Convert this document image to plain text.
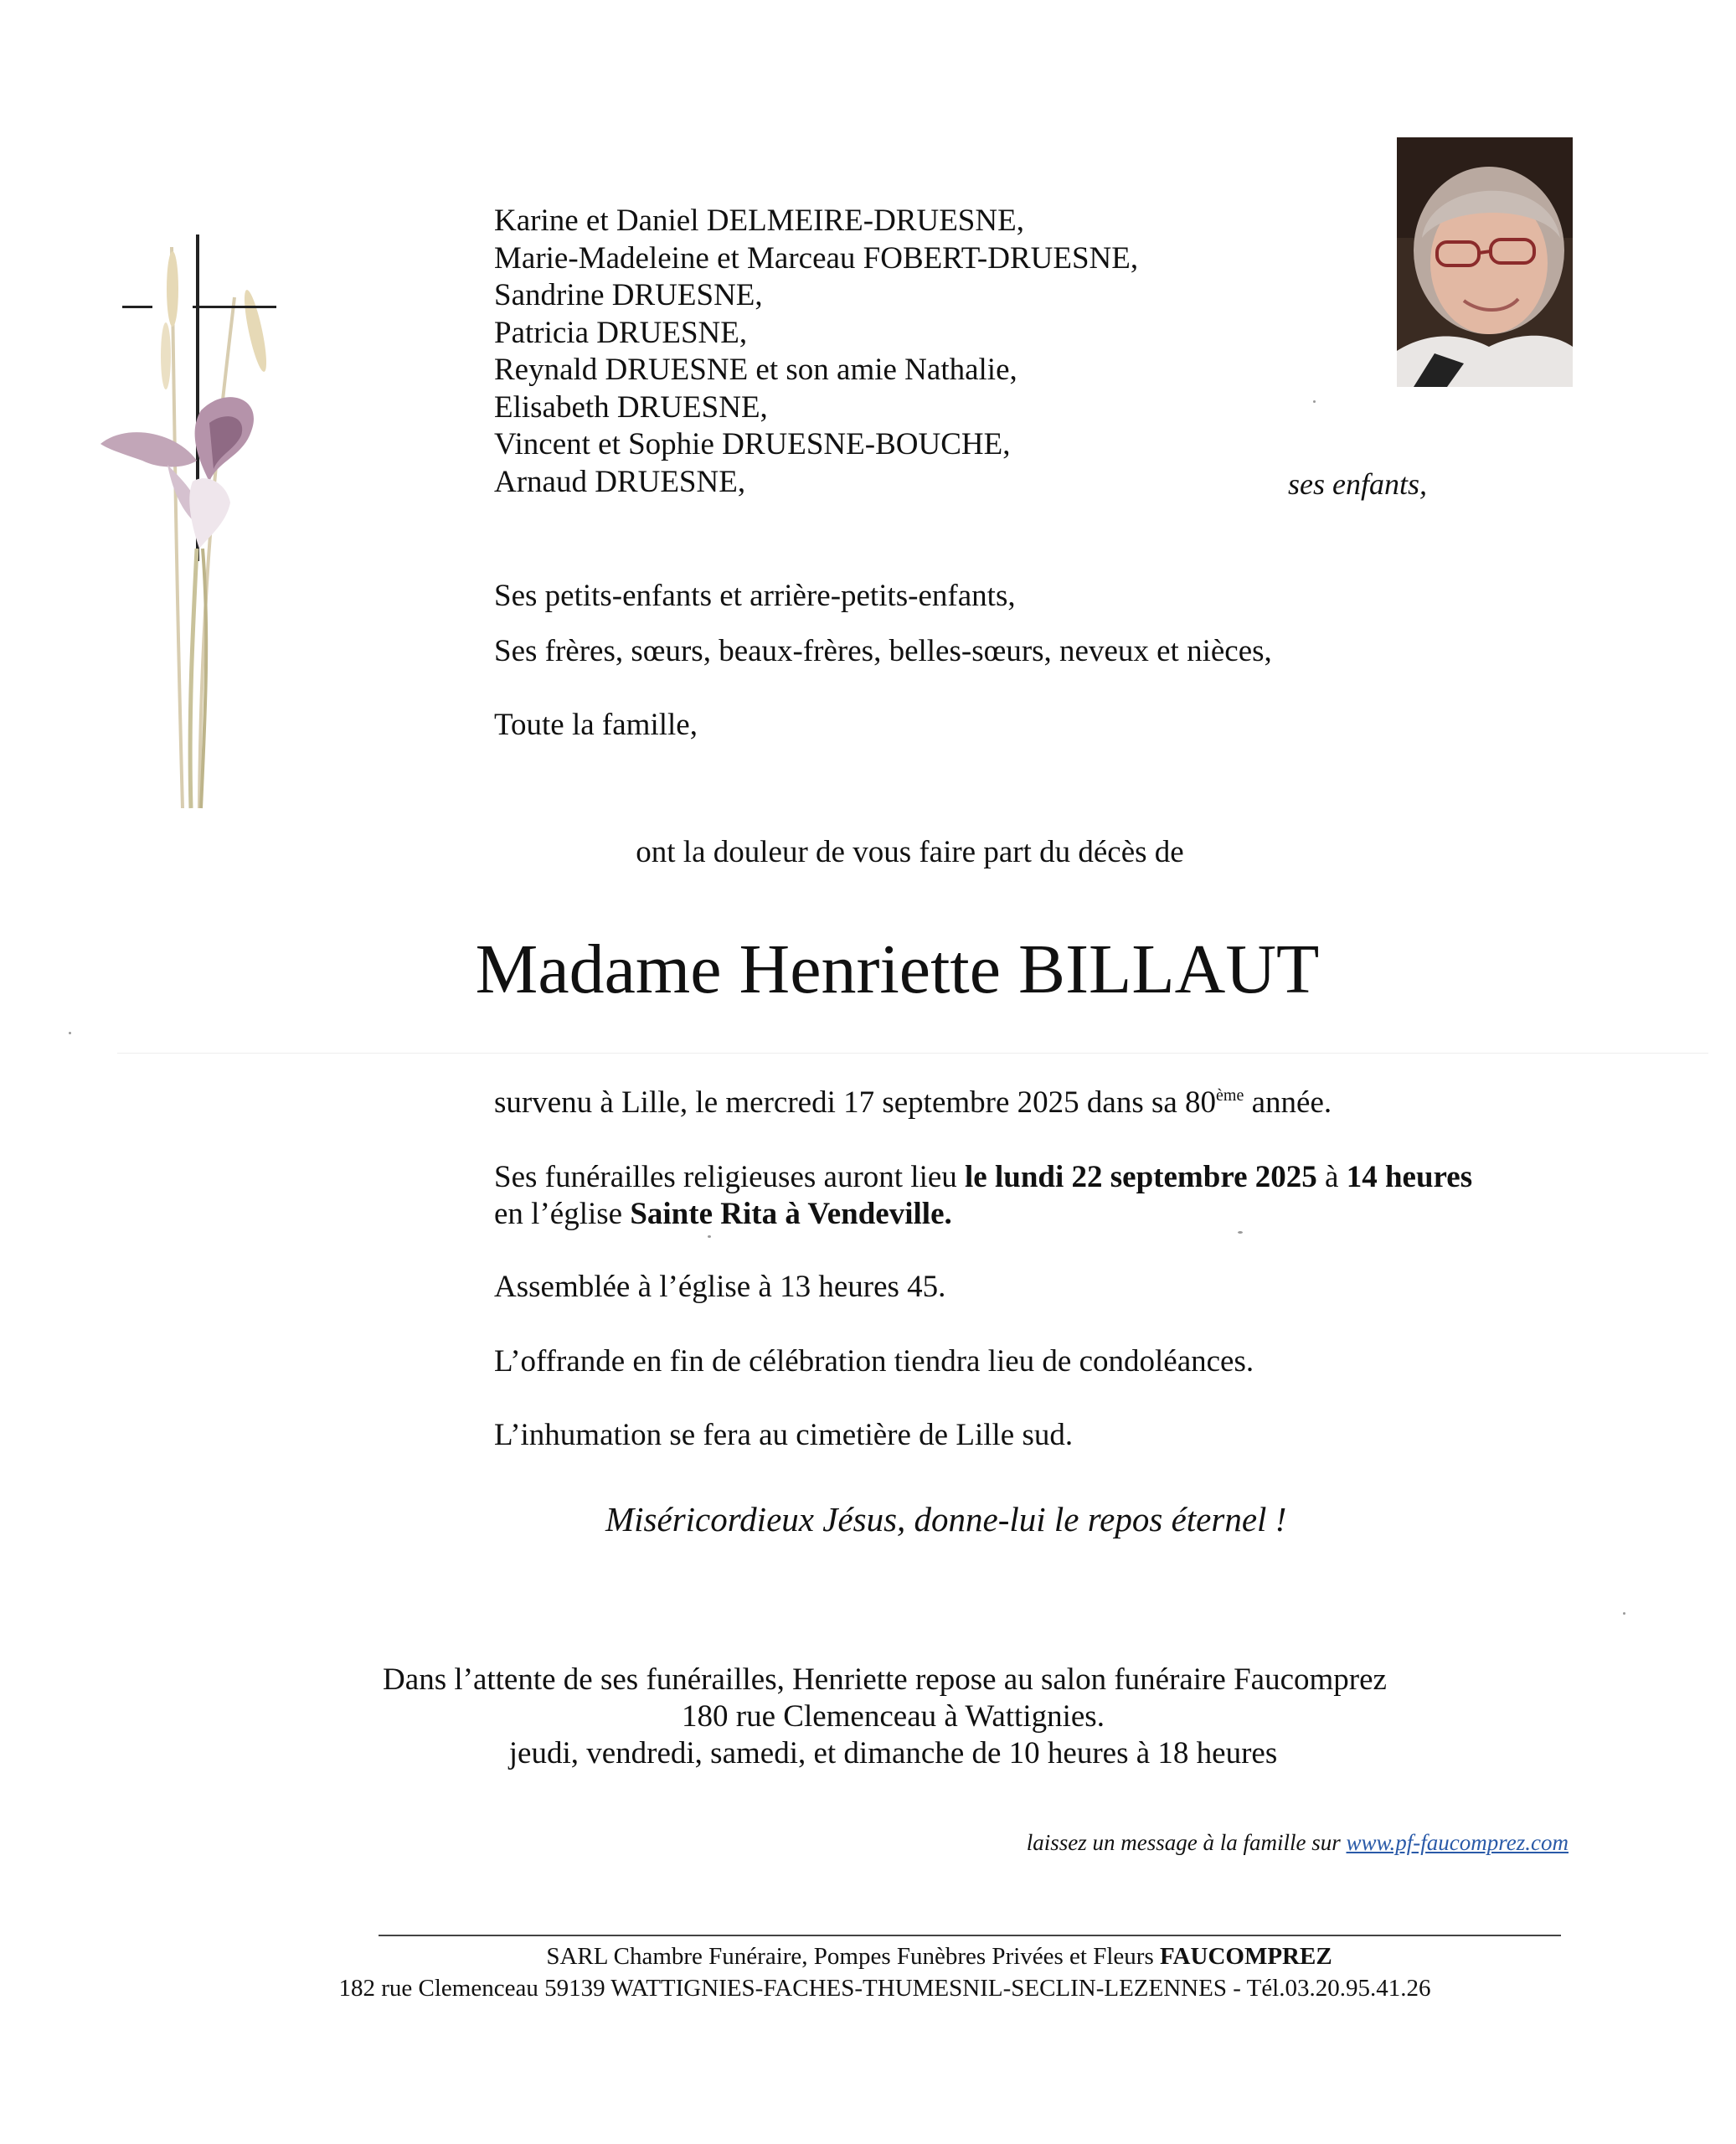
Karine et Daniel DELMEIRE-DRUESNE,
Marie-Madeleine et Marceau FOBERT-DRUESNE,
Sandrine DRUESNE,
Patricia DRUESNE,
Reynald DRUESNE et son amie Nathalie,
Elisabeth DRUESNE,
Vincent et Sophie DRUESNE-BOUCHE,
Arnaud DRUESNE,	ses enfants,
Ses petits-enfants et arrière-petits-enfants,
Ses frères, sœurs, beaux-frères, belles-sœurs, neveux et nièces,
Toute la famille,
ont la douleur de vous faire part du décès de
Madame Henriette BILLAUT
survenu à Lille, le mercredi 17 septembre 2025 dans sa 80ème année.
Ses funérailles religieuses auront lieu le lundi 22 septembre 2025 à 14 heures
en l’église Sainte Rita à Vendeville.
Assemblée à l’église à 13 heures 45.
L’offrande en fin de célébration tiendra lieu de condoléances.
L’inhumation se fera au cimetière de Lille sud.
Miséricordieux Jésus, donne-lui le repos éternel !
Dans l’attente de ses funérailles, Henriette repose au salon funéraire Faucomprez
180 rue Clemenceau à Wattignies.
jeudi, vendredi, samedi, et dimanche de 10 heures à 18 heures
laissez un message à la famille sur www.pf-faucomprez.com
SARL Chambre Funéraire, Pompes Funèbres Privées et Fleurs FAUCOMPREZ
182 rue Clemenceau 59139 WATTIGNIES-FACHES-THUMESNIL-SECLIN-LEZENNES - Tél.03.20.95.41.26
